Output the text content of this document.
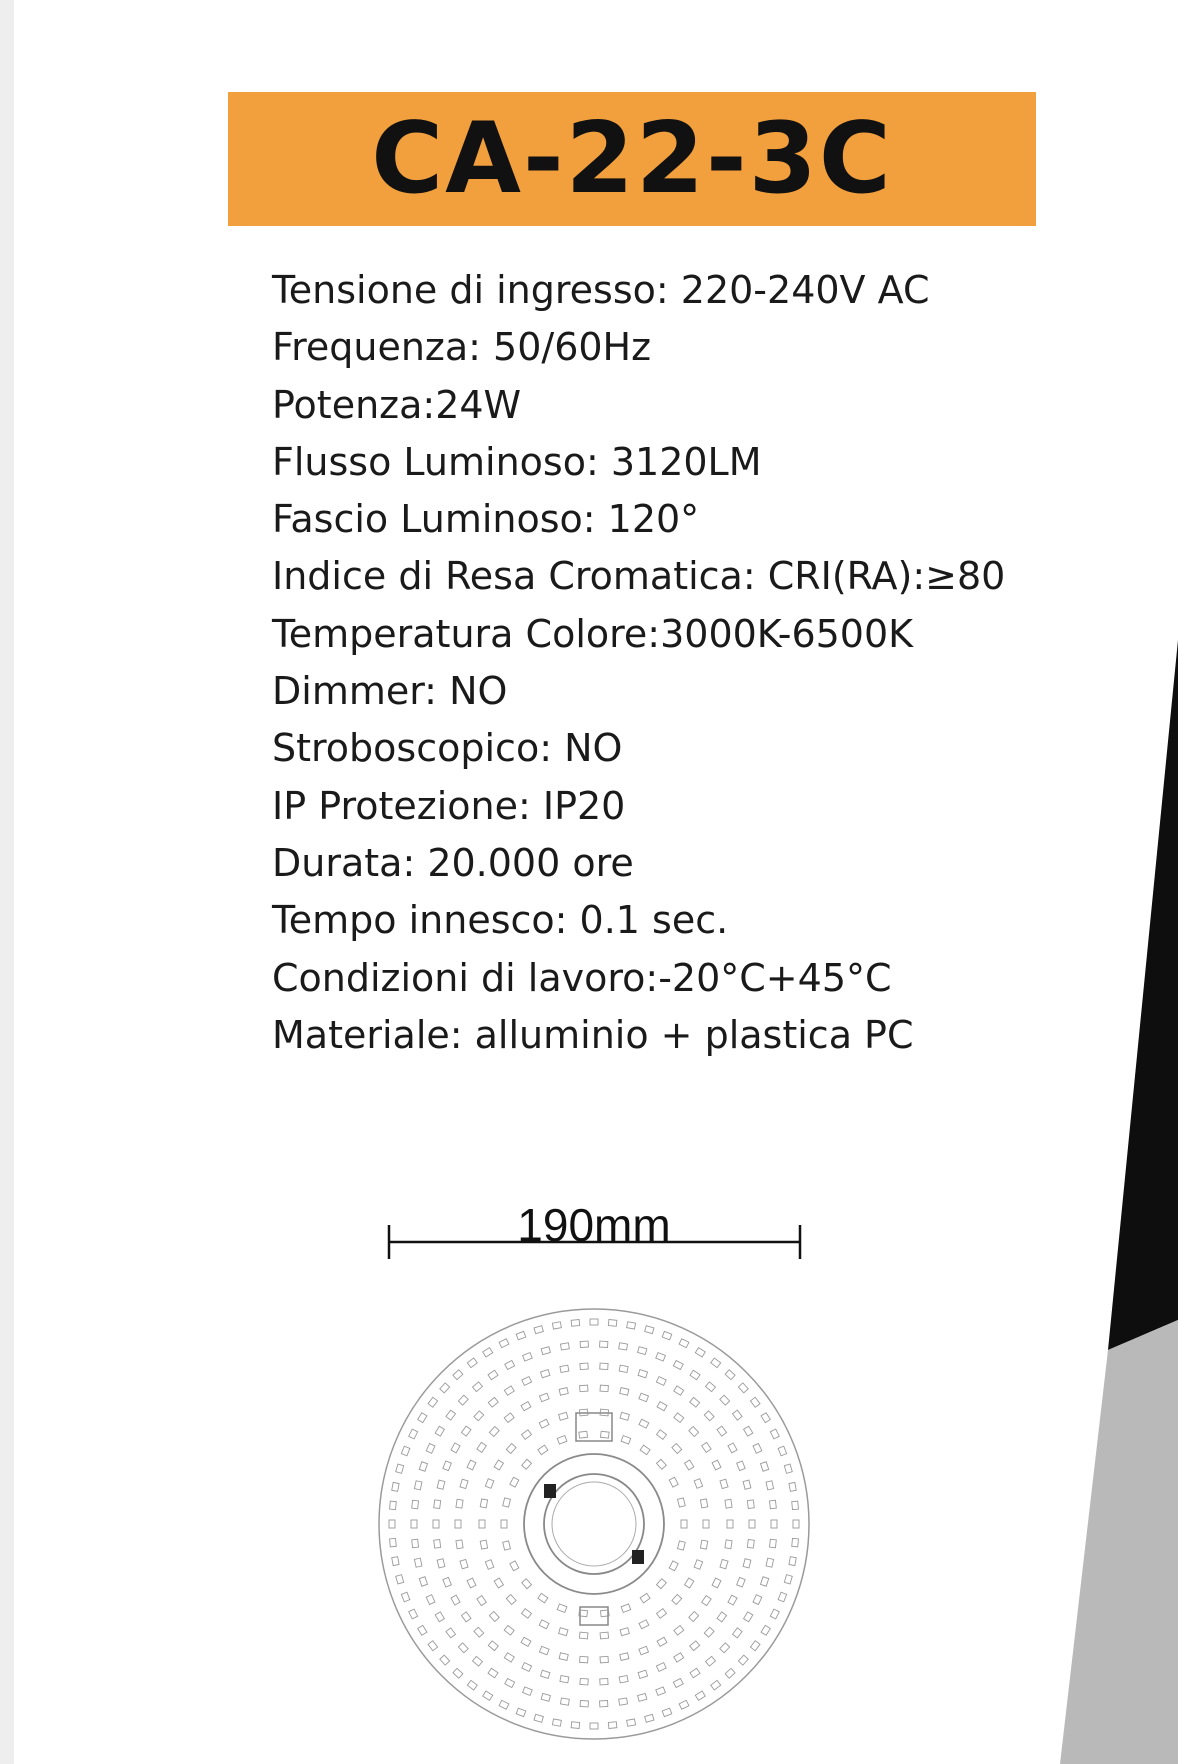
CA-22-3C
Tensione di ingresso: 220-240V AC
Frequenza: 50/60Hz
Potenza:24W
Flusso Luminoso: 3120LM
Fascio Luminoso: 120°
Indice di Resa Cromatica: CRI(RA):≥80
Temperatura Colore:3000K-6500K
Dimmer: NO
Stroboscopico: NO
IP Protezione: IP20
Durata: 20.000 ore
Tempo innesco: 0.1 sec.
Condizioni di lavoro:-20°C+45°C
Materiale: alluminio + plastica PC
190mm
